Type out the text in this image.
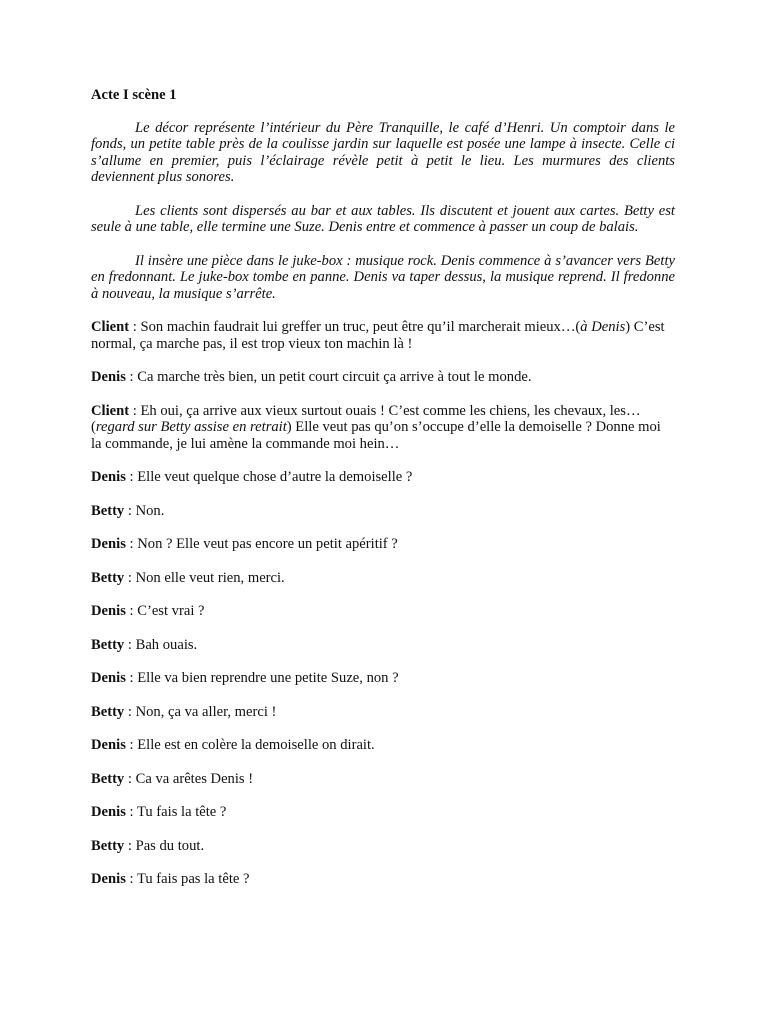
Acte I scène 1

Le décor représente l’intérieur du Père Tranquille, le café d’Henri. Un comptoir dans le fonds, un petite table près de la coulisse jardin sur laquelle est posée une lampe à insecte. Celle ci s’allume en premier, puis l’éclairage révèle petit à petit le lieu. Les murmures des clients deviennent plus sonores.

Les clients sont dispersés au bar et aux tables. Ils discutent et jouent aux cartes. Betty est seule à une table, elle termine une Suze. Denis entre et commence à passer un coup de balais.

Il insère une pièce dans le juke-box : musique rock. Denis commence à s’avancer vers Betty en fredonnant. Le juke-box tombe en panne. Denis va taper dessus, la musique reprend. Il fredonne à nouveau, la musique s’arrête.

Client : Son machin faudrait lui greffer un truc, peut être qu’il marcherait mieux…(à Denis) C’est normal, ça marche pas, il est trop vieux ton machin là !

Denis : Ca marche très bien, un petit court circuit ça arrive à tout le monde.

Client : Eh oui, ça arrive aux vieux surtout ouais ! C’est comme les chiens, les chevaux, les… (regard sur Betty assise en retrait) Elle veut pas qu’on s’occupe d’elle la demoiselle ? Donne moi la commande, je lui amène la commande moi hein…

Denis : Elle veut quelque chose d’autre la demoiselle ?

Betty : Non.

Denis : Non ? Elle veut pas encore un petit apéritif ?

Betty : Non elle veut rien, merci.

Denis : C’est vrai ?

Betty : Bah ouais.

Denis : Elle va bien reprendre une petite Suze, non ?

Betty : Non, ça va aller, merci !

Denis : Elle est en colère la demoiselle on dirait.

Betty : Ca va arêtes Denis !

Denis : Tu fais la tête ?

Betty : Pas du tout.

Denis : Tu fais pas la tête ?
